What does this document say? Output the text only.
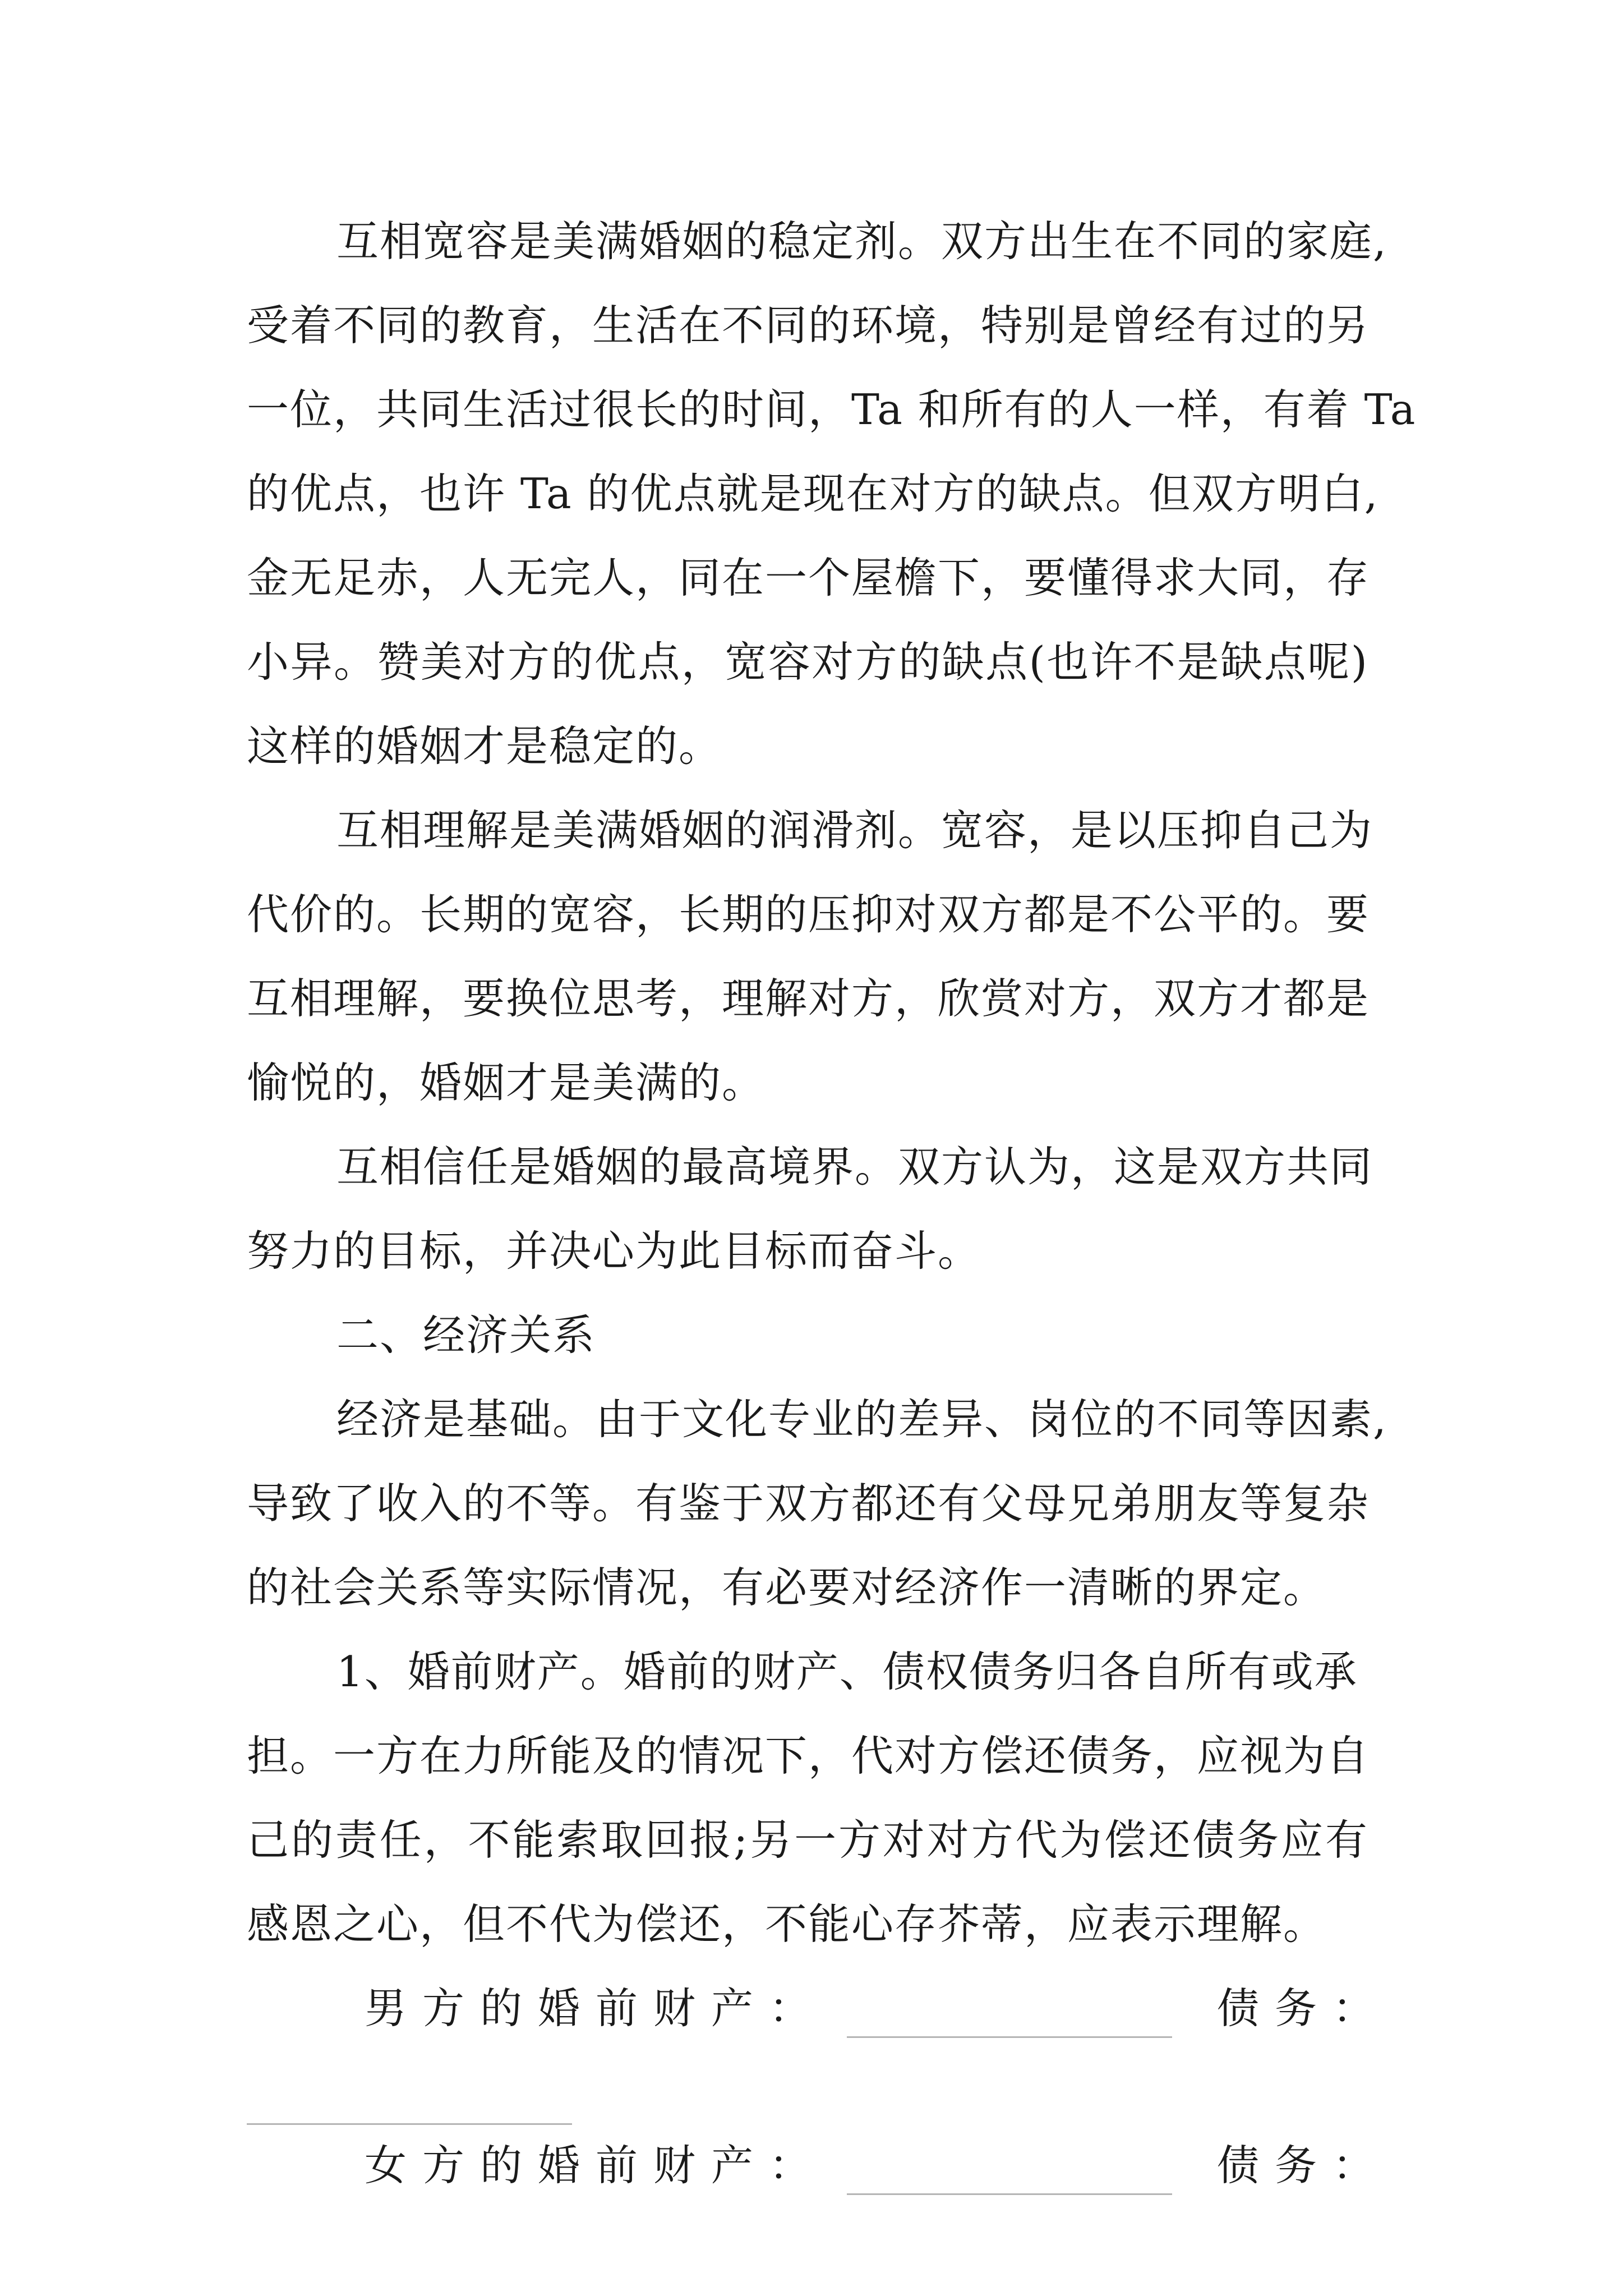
互相宽容是美满婚姻的稳定剂。双方出生在不同的家庭,
受着不同的教育，生活在不同的环境，特别是曾经有过的另
一位，共同生活过很长的时间，Ta 和所有的人一样，有着 Ta
的优点，也许 Ta 的优点就是现在对方的缺点。但双方明白,
金无足赤，人无完人，同在一个屋檐下，要懂得求大同，存
小异。赞美对方的优点，宽容对方的缺点(也许不是缺点呢)
这样的婚姻才是稳定的。
互相理解是美满婚姻的润滑剂。宽容，是以压抑自己为
代价的。长期的宽容，长期的压抑对双方都是不公平的。要
互相理解，要换位思考，理解对方，欣赏对方，双方才都是
愉悦的，婚姻才是美满的。
互相信任是婚姻的最高境界。双方认为，这是双方共同
努力的目标，并决心为此目标而奋斗。
二、经济关系
经济是基础。由于文化专业的差异、岗位的不同等因素,
导致了收入的不等。有鉴于双方都还有父母兄弟朋友等复杂
的社会关系等实际情况，有必要对经济作一清晰的界定。
1、婚前财产。婚前的财产、债权债务归各自所有或承
担。一方在力所能及的情况下，代对方偿还债务，应视为自
己的责任，不能索取回报;另一方对对方代为偿还债务应有
感恩之心，但不代为偿还，不能心存芥蒂，应表示理解。
男方的婚前财产：	债务：
女方的婚前财产：	债务：
